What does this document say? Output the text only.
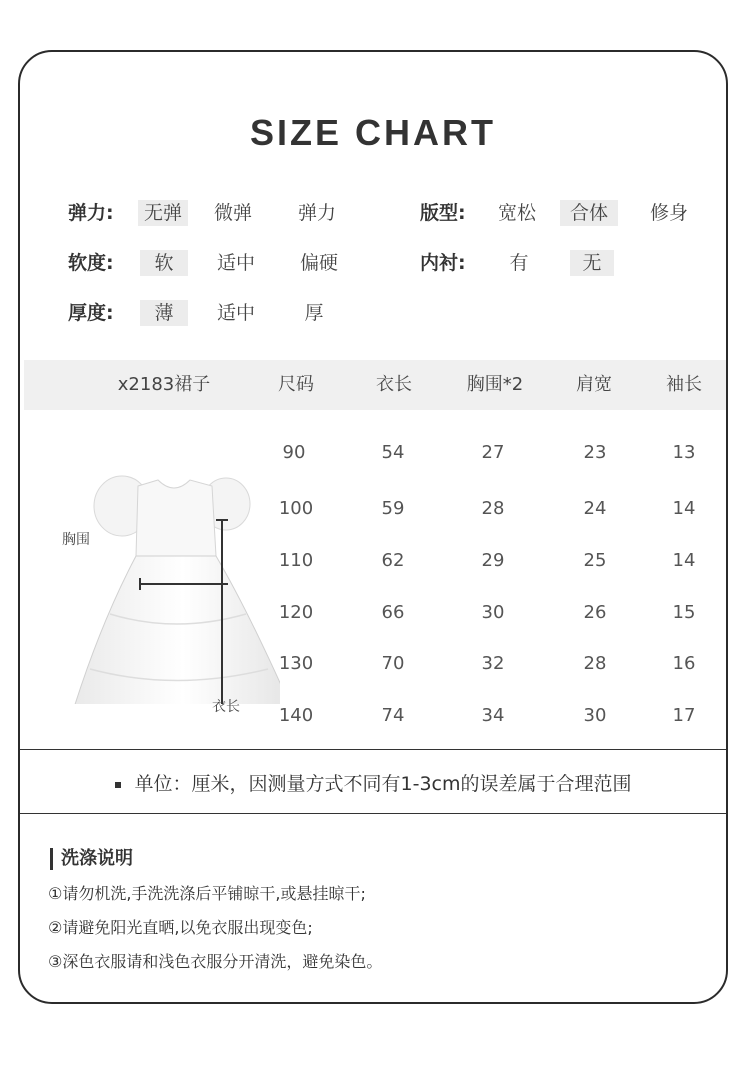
SIZE CHART
弹力:	无弹	微弹	弹力	版型:	宽松	合体	修身
软度:	软	适中	偏硬	内衬:	有	无
厚度:	薄	适中	厚
x2183裙子	尺码	衣长	胸围*2	肩宽	袖长
胸围
衣长
90	54	27	23	13
100	59	28	24	14
110	62	29	25	14
120	66	30	26	15
130	70	32	28	16
140	74	34	30	17
单位：厘米，因测量方式不同有1-3cm的误差属于合理范围
洗涤说明
①请勿机洗,手洗洗涤后平铺晾干,或悬挂晾干;
②请避免阳光直晒,以免衣服出现变色;
③深色衣服请和浅色衣服分开清洗，避免染色。
